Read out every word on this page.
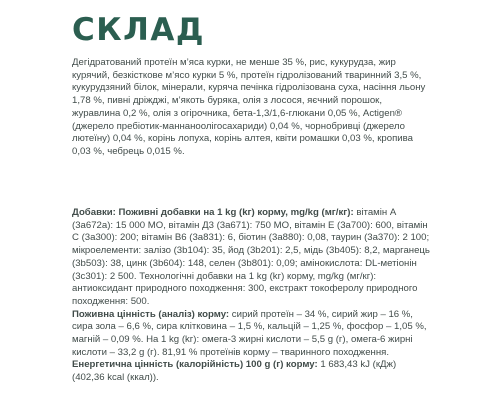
СКЛАД

Дегідратований протеїн м’яса курки, не менше 35 %, рис, кукурудза, жир курячий, безкісткове м’ясо курки 5 %, протеїн гідролізований тваринний 3,5 %, кукурудзяний білок, мінерали, куряча печінка гідролізована суха, насіння льону 1,78 %, пивні дріжджі, м’якоть буряка, олія з лосося, яєчний порошок, журавлина 0,2 %, олія з огірочника, бета-1,3/1,6-глюкани 0,05 %, Actigen® (джерело пребіотик-маннаноолігосахариди) 0,04 %, чорнобривці (джерело лютеїну) 0,04 %, корінь лопуха, корінь алтея, квіти ромашки 0,03 %, кропива 0,03 %, чебрець 0,015 %.

Добавки: Поживні добавки на 1 kg (kг) корму, mg/kg (мг/кг): вітамін А (3a672a): 15 000 МО, вітамін Д3 (3a671): 750 МО, вітамін Е (3a700): 600, вітамін С (3a300): 200; вітамін В6 (3a831): 6, біотин (3a880): 0,08, таурин (3a370): 2 100; мікроелементи: залізо (3b104): 35, йод (3b201): 2,5, мідь (3b405): 8,2, марганець (3b503): 38, цинк (3b604): 148, селен (3b801): 0,09; амінокислота: DL-метіонін (3c301): 2 500. Технологічні добавки на 1 kg (kг) корму, mg/kg (мг/кг): антиоксидант природного походження: 300, екстракт токоферолу природного походження: 500.

Поживна цінність (аналіз) корму: сирий протеїн – 34 %, сирий жир – 16 %, сира зола – 6,6 %, сира клітковина – 1,5 %, кальцій – 1,25 %, фосфор – 1,05 %, магній – 0,09 %. На 1 kg (kг): омега-3 жирні кислоти – 5,5 g (г), омега-6 жирні кислоти – 33,2 g (г). 81,91 % протеїнів корму – тваринного походження.

Енергетична цінність (калорійність) 100 g (г) корму: 1 683,43 kJ (кДж) (402,36 kcal (ккал)).
